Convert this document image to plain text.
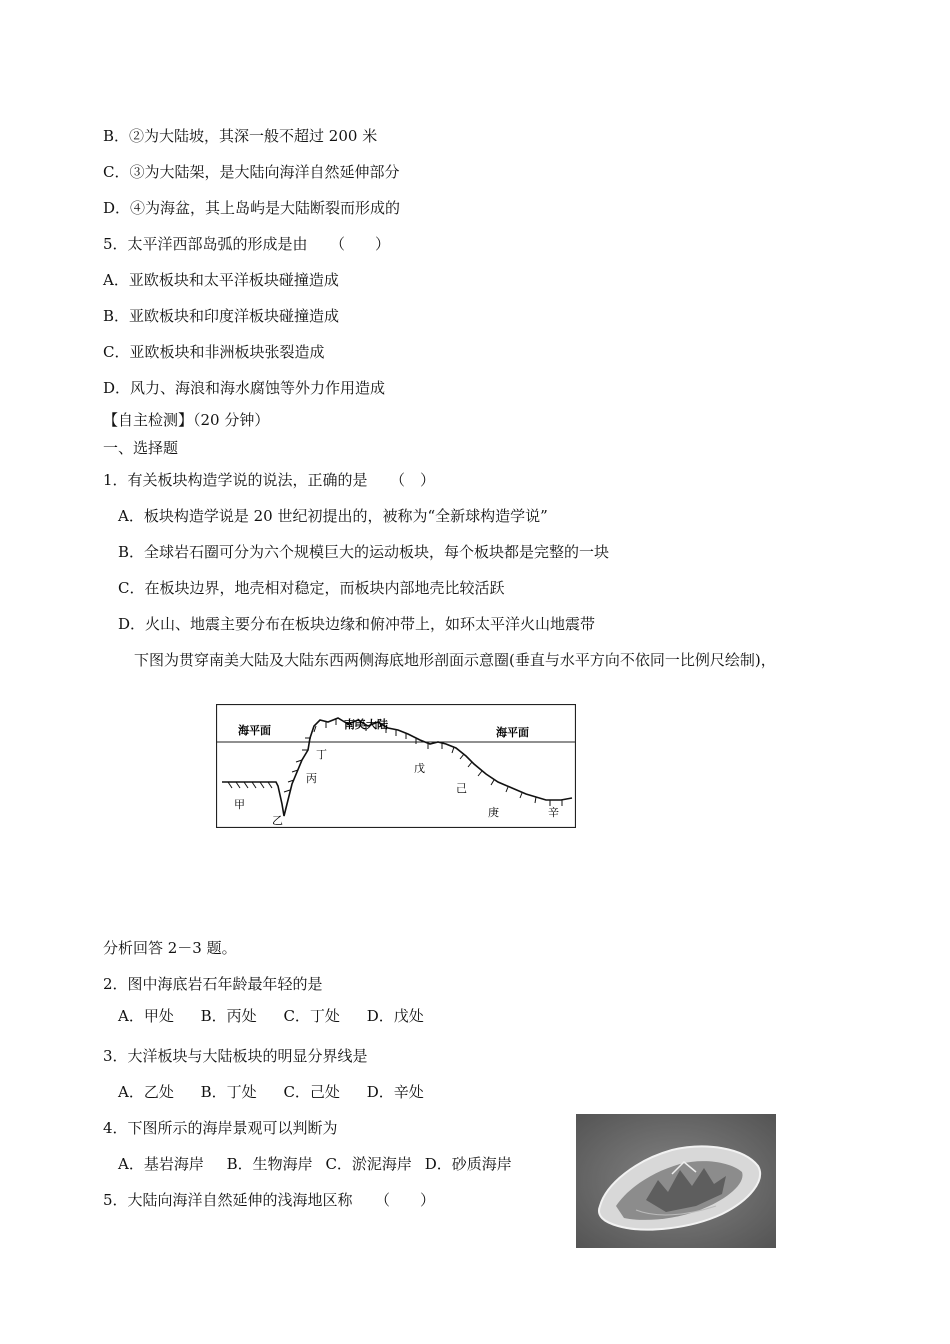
B．②为大陆坡，其深一般不超过 200 米
C．③为大陆架，是大陆向海洋自然延伸部分
D．④为海盆，其上岛屿是大陆断裂而形成的
5．太平洋西部岛弧的形成是由　　（　　）
A．亚欧板块和太平洋板块碰撞造成
B．亚欧板块和印度洋板块碰撞造成
C．亚欧板块和非洲板块张裂造成
D．风力、海浪和海水腐蚀等外力作用造成
【自主检测】（20 分钟）
一、选择题
1．有关板块构造学说的说法，正确的是　　（　）
A．板块构造学说是 20 世纪初提出的，被称为“全新球构造学说”
B．全球岩石圈可分为六个规模巨大的运动板块，每个板块都是完整的一块
C．在板块边界，地壳相对稳定，而板块内部地壳比较活跃
D．火山、地震主要分布在板块边缘和俯冲带上，如环太平洋火山地震带
下图为贯穿南美大陆及大陆东西两侧海底地形剖面示意圈(垂直与水平方向不依同一比例尺绘制)，
海平面	海平面
南美大陆
甲
乙
丙
丁
戊
己
庚	辛
分析回答 2－3 题。
2．图中海底岩石年龄最年轻的是
A．甲处 B．丙处 C．丁处 D．戊处
3．大洋板块与大陆板块的明显分界线是
A．乙处 B．丁处 C．己处 D．辛处
4．下图所示的海岸景观可以判断为
A．基岩海岸 B．生物海岸 C．淤泥海岸 D．砂质海岸
5．大陆向海洋自然延伸的浅海地区称　　（　　）
